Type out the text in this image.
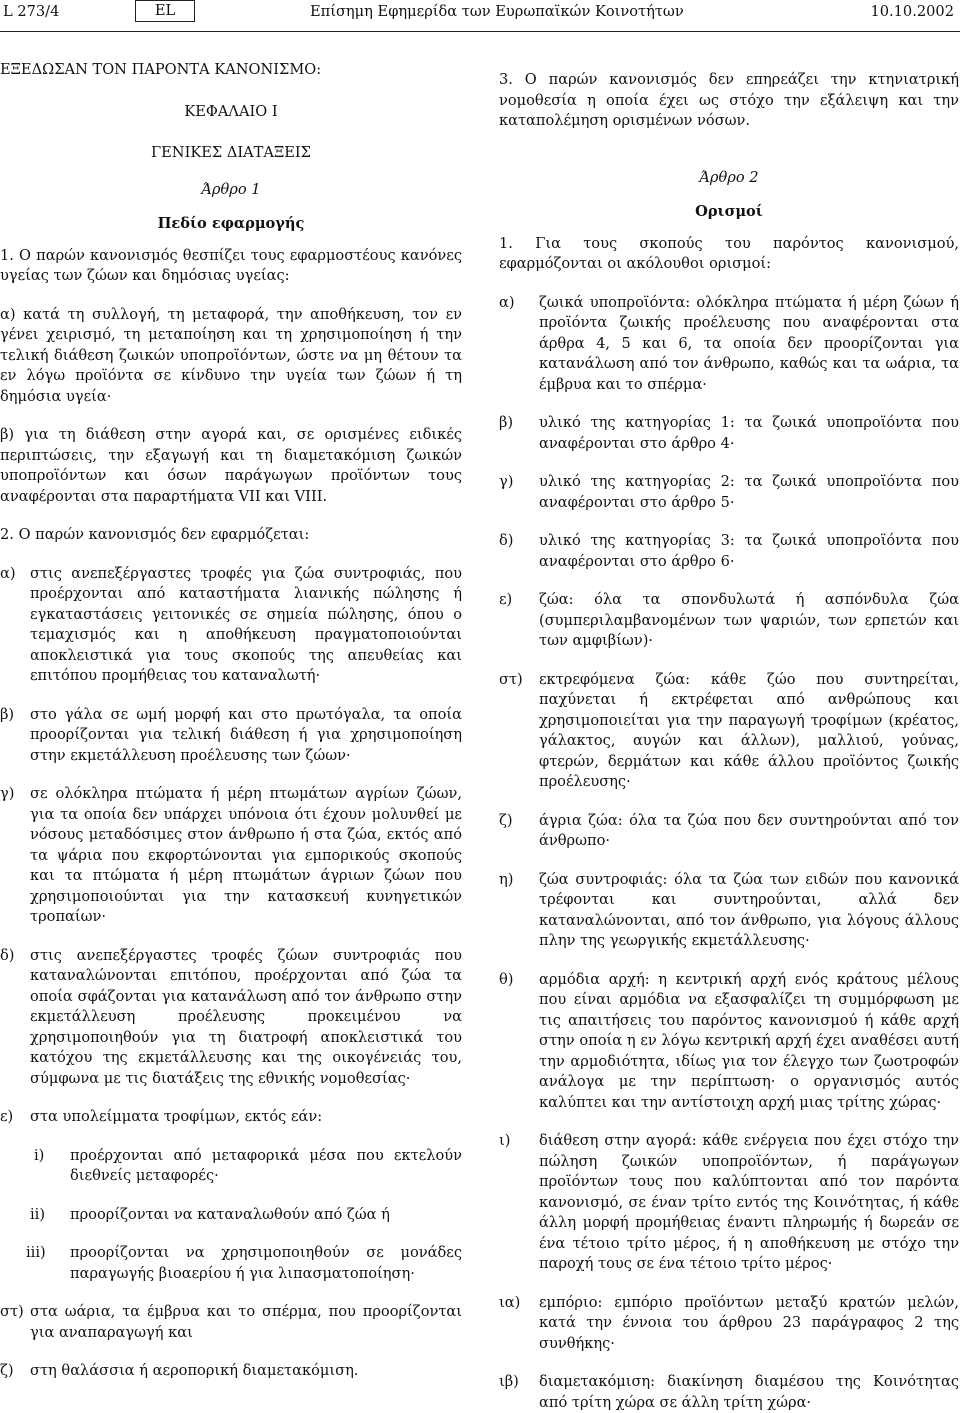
L 273/4	EL	Επίσημη Εφημερίδα των Ευρωπαϊκών Κοινοτήτων	10.10.2002

ΕΞΕΔΩΣΑΝ ΤΟΝ ΠΑΡΟΝΤΑ ΚΑΝΟΝΙΣΜΟ:

ΚΕΦΑΛΑΙΟ Ι

ΓΕΝΙΚΕΣ ΔΙΑΤΑΞΕΙΣ

Άρθρο 1

Πεδίο εφαρμογής

1. Ο παρών κανονισμός θεσπίζει τους εφαρμοστέους κανόνες υγείας των ζώων και δημόσιας υγείας:

α) κατά τη συλλογή, τη μεταφορά, την αποθήκευση, τον εν γένει χειρισμό, τη μεταποίηση και τη χρησιμοποίηση ή την τελική διάθεση ζωικών υποπροϊόντων, ώστε να μη θέτουν τα εν λόγω προϊόντα σε κίνδυνο την υγεία των ζώων ή τη δημόσια υγεία·

β) για τη διάθεση στην αγορά και, σε ορισμένες ειδικές περιπτώσεις, την εξαγωγή και τη διαμετακόμιση ζωικών υποπροϊόντων και όσων παράγωγων προϊόντων τους αναφέρονται στα παραρτήματα VII και VIII.

2. Ο παρών κανονισμός δεν εφαρμόζεται:

α) στις ανεπεξέργαστες τροφές για ζώα συντροφιάς, που προέρχονται από καταστήματα λιανικής πώλησης ή εγκαταστάσεις γειτονικές σε σημεία πώλησης, όπου ο τεμαχισμός και η αποθήκευση πραγματοποιούνται αποκλειστικά για τους σκοπούς της απευθείας και επιτόπου προμήθειας του καταναλωτή·

β) στο γάλα σε ωμή μορφή και στο πρωτόγαλα, τα οποία προορίζονται για τελική διάθεση ή για χρησιμοποίηση στην εκμετάλλευση προέλευσης των ζώων·

γ) σε ολόκληρα πτώματα ή μέρη πτωμάτων αγρίων ζώων, για τα οποία δεν υπάρχει υπόνοια ότι έχουν μολυνθεί με νόσους μεταδόσιμες στον άνθρωπο ή στα ζώα, εκτός από τα ψάρια που εκφορτώνονται για εμπορικούς σκοπούς και τα πτώματα ή μέρη πτωμάτων άγριων ζώων που χρησιμοποιούνται για την κατασκευή κυνηγετικών τροπαίων·

δ) στις ανεπεξέργαστες τροφές ζώων συντροφιάς που καταναλώνονται επιτόπου, προέρχονται από ζώα τα οποία σφάζονται για κατανάλωση από τον άνθρωπο στην εκμετάλλευση προέλευσης προκειμένου να χρησιμοποιηθούν για τη διατροφή αποκλειστικά του κατόχου της εκμετάλλευσης και της οικογένειάς του, σύμφωνα με τις διατάξεις της εθνικής νομοθεσίας·

ε) στα υπολείμματα τροφίμων, εκτός εάν:

i) προέρχονται από μεταφορικά μέσα που εκτελούν διεθνείς μεταφορές·

ii) προορίζονται να καταναλωθούν από ζώα ή

iii) προορίζονται να χρησιμοποιηθούν σε μονάδες παραγωγής βιοαερίου ή για λιπασματοποίηση·

στ) στα ωάρια, τα έμβρυα και το σπέρμα, που προορίζονται για αναπαραγωγή και

ζ) στη θαλάσσια ή αεροπορική διαμετακόμιση.

3. Ο παρών κανονισμός δεν επηρεάζει την κτηνιατρική νομοθεσία η οποία έχει ως στόχο την εξάλειψη και την καταπολέμηση ορισμένων νόσων.

Άρθρο 2

Ορισμοί

1. Για τους σκοπούς του παρόντος κανονισμού, εφαρμόζονται οι ακόλουθοι ορισμοί:

α) ζωικά υποπροϊόντα: ολόκληρα πτώματα ή μέρη ζώων ή προϊόντα ζωικής προέλευσης που αναφέρονται στα άρθρα 4, 5 και 6, τα οποία δεν προορίζονται για κατανάλωση από τον άνθρωπο, καθώς και τα ωάρια, τα έμβρυα και το σπέρμα·

β) υλικό της κατηγορίας 1: τα ζωικά υποπροϊόντα που αναφέρονται στο άρθρο 4·

γ) υλικό της κατηγορίας 2: τα ζωικά υποπροϊόντα που αναφέρονται στο άρθρο 5·

δ) υλικό της κατηγορίας 3: τα ζωικά υποπροϊόντα που αναφέρονται στο άρθρο 6·

ε) ζώα: όλα τα σπονδυλωτά ή ασπόνδυλα ζώα (συμπεριλαμβανομένων των ψαριών, των ερπετών και των αμφιβίων)·

στ) εκτρεφόμενα ζώα: κάθε ζώο που συντηρείται, παχύνεται ή εκτρέφεται από ανθρώπους και χρησιμοποιείται για την παραγωγή τροφίμων (κρέατος, γάλακτος, αυγών και άλλων), μαλλιού, γούνας, φτερών, δερμάτων και κάθε άλλου προϊόντος ζωικής προέλευσης·

ζ) άγρια ζώα: όλα τα ζώα που δεν συντηρούνται από τον άνθρωπο·

η) ζώα συντροφιάς: όλα τα ζώα των ειδών που κανονικά τρέφονται και συντηρούνται, αλλά δεν καταναλώνονται, από τον άνθρωπο, για λόγους άλλους πλην της γεωργικής εκμετάλλευσης·

θ) αρμόδια αρχή: η κεντρική αρχή ενός κράτους μέλους που είναι αρμόδια να εξασφαλίζει τη συμμόρφωση με τις απαιτήσεις του παρόντος κανονισμού ή κάθε αρχή στην οποία η εν λόγω κεντρική αρχή έχει αναθέσει αυτή την αρμοδιότητα, ιδίως για τον έλεγχο των ζωοτροφών ανάλογα με την περίπτωση· ο οργανισμός αυτός καλύπτει και την αντίστοιχη αρχή μιας τρίτης χώρας·

ι) διάθεση στην αγορά: κάθε ενέργεια που έχει στόχο την πώληση ζωικών υποπροϊόντων, ή παράγωγων προϊόντων τους που καλύπτονται από τον παρόντα κανονισμό, σε έναν τρίτο εντός της Κοινότητας, ή κάθε άλλη μορφή προμήθειας έναντι πληρωμής ή δωρεάν σε ένα τέτοιο τρίτο μέρος, ή η αποθήκευση με στόχο την παροχή τους σε ένα τέτοιο τρίτο μέρος·

ια) εμπόριο: εμπόριο προϊόντων μεταξύ κρατών μελών, κατά την έννοια του άρθρου 23 παράγραφος 2 της συνθήκης·

ιβ) διαμετακόμιση: διακίνηση διαμέσου της Κοινότητας από τρίτη χώρα σε άλλη τρίτη χώρα·
